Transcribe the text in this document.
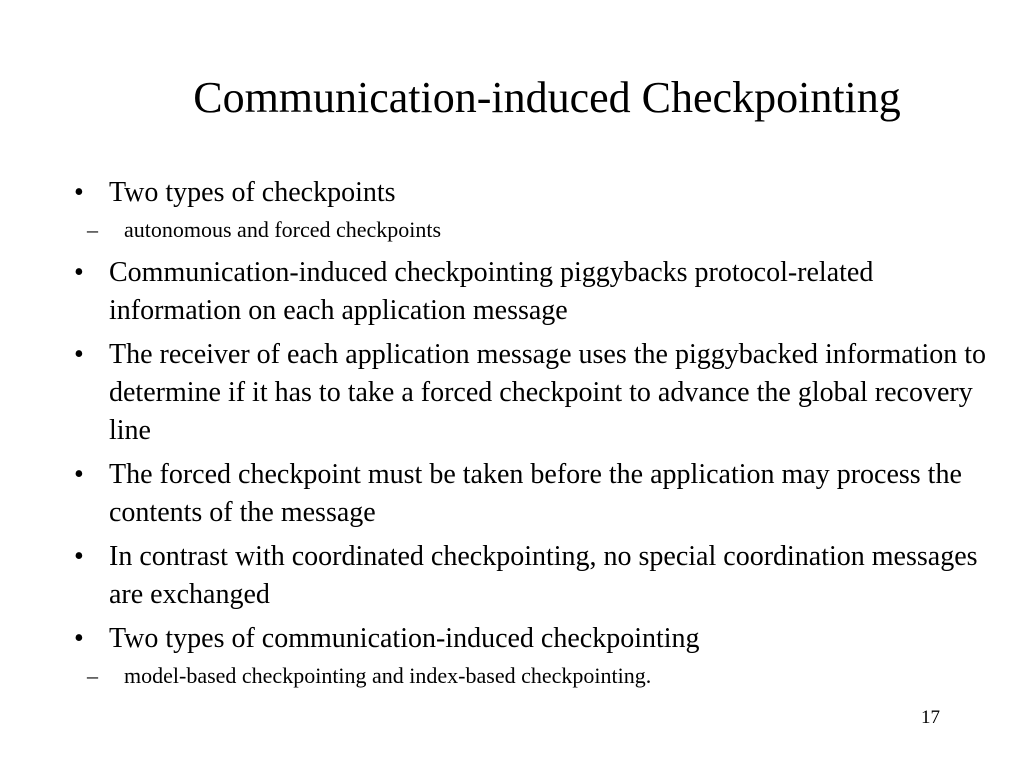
Communication-induced Checkpointing
• Two types of checkpoints
– autonomous and forced checkpoints
• Communication-induced checkpointing piggybacks protocol-related information on each application message
• The receiver of each application message uses the piggybacked information to determine if it has to take a forced checkpoint to advance the global recovery line
• The forced checkpoint must be taken before the application may process the contents of the message
• In contrast with coordinated checkpointing, no special coordination messages are exchanged
• Two types of communication-induced checkpointing
– model-based checkpointing and index-based checkpointing.
17
